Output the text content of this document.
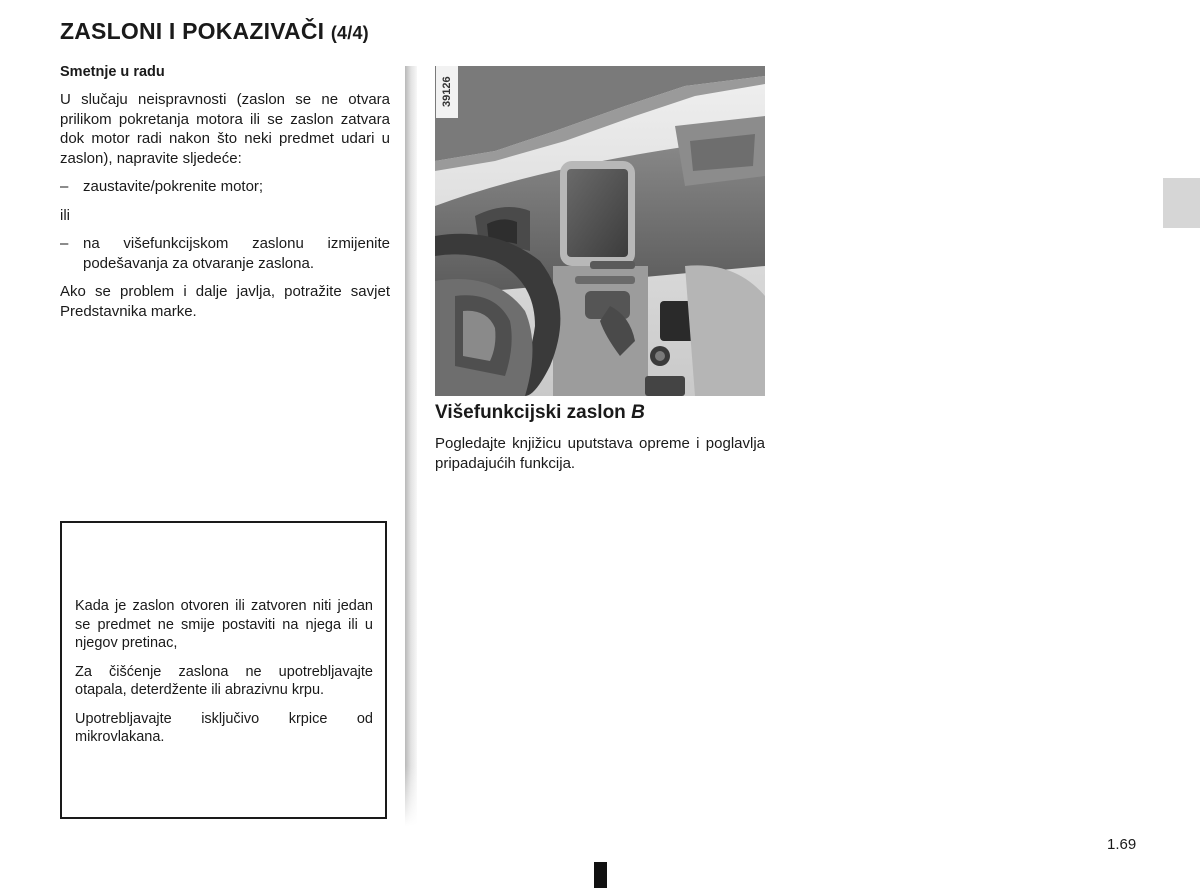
ZASLONI I POKAZIVAČI (4/4)

Smetnje u radu

U slučaju neispravnosti (zaslon se ne otvara prilikom pokretanja motora ili se zaslon zatvara dok motor radi nakon što neki predmet udari u zaslon), napravite sljedeće:

– zaustavite/pokrenite motor;

ili

– na višefunkcijskom zaslonu izmijenite podešavanja za otvaranje zaslona.

Ako se problem i dalje javlja, potražite savjet Predstavnika marke.

Kada je zaslon otvoren ili zatvoren niti jedan se predmet ne smije postaviti na njega ili u njegov pretinac,

Za čišćenje zaslona ne upotrebljavajte otapala, deterdžente ili abrazivnu krpu.

Upotrebljavajte isključivo krpice od mikrovlakana.

39126

Višefunkcijski zaslon B

Pogledajte knjižicu uputstava opreme i poglavlja pripadajućih funkcija.

1.69
